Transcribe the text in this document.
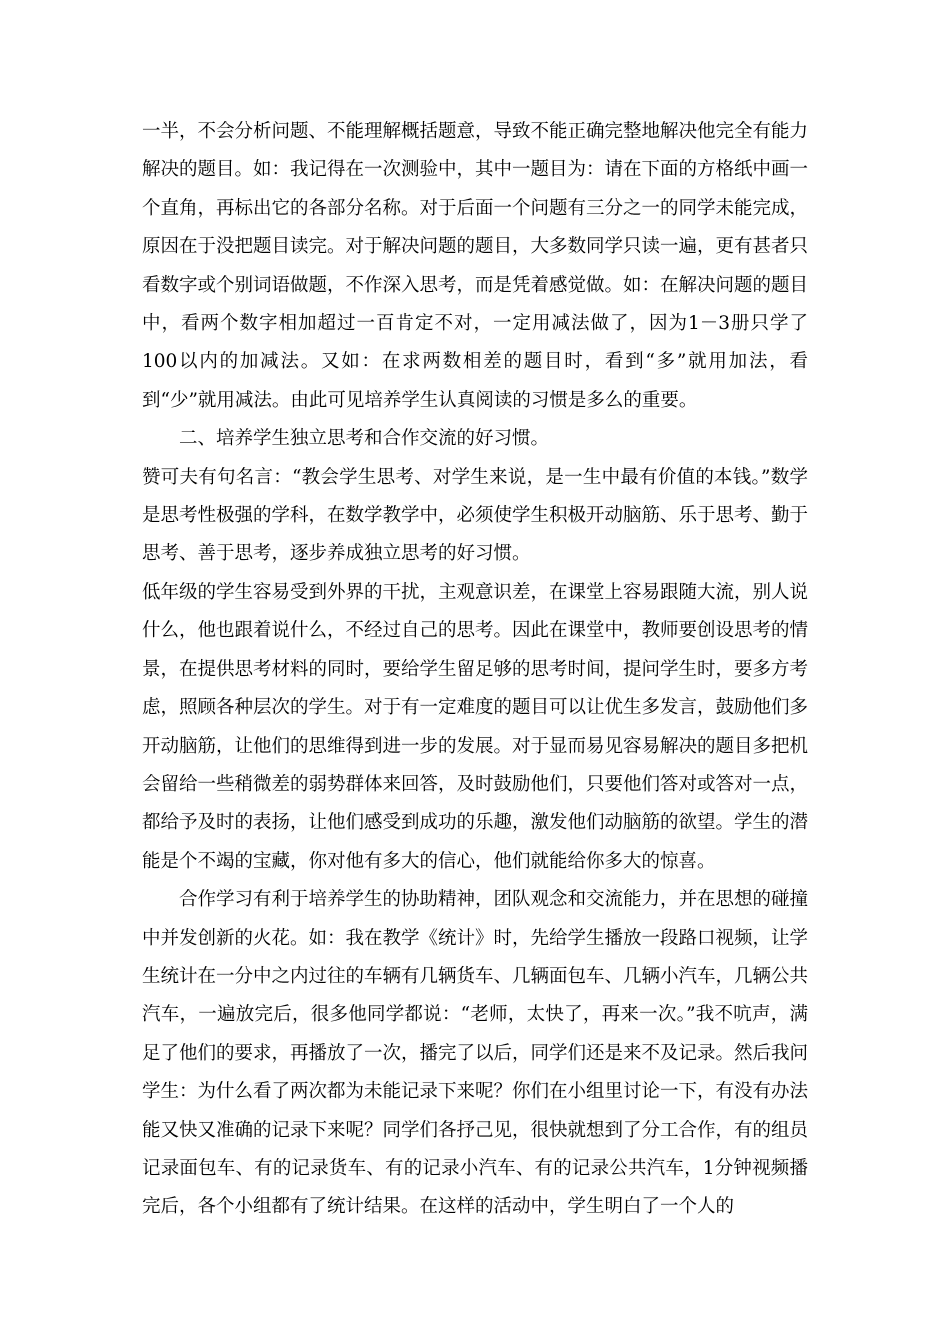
一半，不会分析问题、不能理解概括题意，导致不能正确完整地解决他完全有能力解决的题目。如：我记得在一次测验中，其中一题目为：请在下面的方格纸中画一个直角，再标出它的各部分名称。对于后面一个问题有三分之一的同学未能完成，原因在于没把题目读完。对于解决问题的题目，大多数同学只读一遍，更有甚者只看数字或个别词语做题，不作深入思考，而是凭着感觉做。如：在解决问题的题目中，看两个数字相加超过一百肯定不对，一定用减法做了，因为1－3册只学了100以内的加减法。又如：在求两数相差的题目时，看到“多”就用加法，看到“少”就用减法。由此可见培养学生认真阅读的习惯是多么的重要。

二、培养学生独立思考和合作交流的好习惯。

赞可夫有句名言：“教会学生思考、对学生来说，是一生中最有价值的本钱。”数学是思考性极强的学科，在数学教学中，必须使学生积极开动脑筋、乐于思考、勤于思考、善于思考，逐步养成独立思考的好习惯。

低年级的学生容易受到外界的干扰，主观意识差，在课堂上容易跟随大流，别人说什么，他也跟着说什么，不经过自己的思考。因此在课堂中，教师要创设思考的情景，在提供思考材料的同时，要给学生留足够的思考时间，提问学生时，要多方考虑，照顾各种层次的学生。对于有一定难度的题目可以让优生多发言，鼓励他们多开动脑筋，让他们的思维得到进一步的发展。对于显而易见容易解决的题目多把机会留给一些稍微差的弱势群体来回答，及时鼓励他们，只要他们答对或答对一点，都给予及时的表扬，让他们感受到成功的乐趣，激发他们动脑筋的欲望。学生的潜能是个不竭的宝藏，你对他有多大的信心，他们就能给你多大的惊喜。

合作学习有利于培养学生的协助精神，团队观念和交流能力，并在思想的碰撞中并发创新的火花。如：我在教学《统计》时，先给学生播放一段路口视频，让学生统计在一分中之内过往的车辆有几辆货车、几辆面包车、几辆小汽车，几辆公共汽车，一遍放完后，很多他同学都说：“老师，太快了，再来一次。”我不吭声，满足了他们的要求，再播放了一次，播完了以后，同学们还是来不及记录。然后我问学生：为什么看了两次都为未能记录下来呢？你们在小组里讨论一下，有没有办法能又快又准确的记录下来呢？同学们各抒己见，很快就想到了分工合作，有的组员记录面包车、有的记录货车、有的记录小汽车、有的记录公共汽车，1分钟视频播完后，各个小组都有了统计结果。在这样的活动中，学生明白了一个人的
